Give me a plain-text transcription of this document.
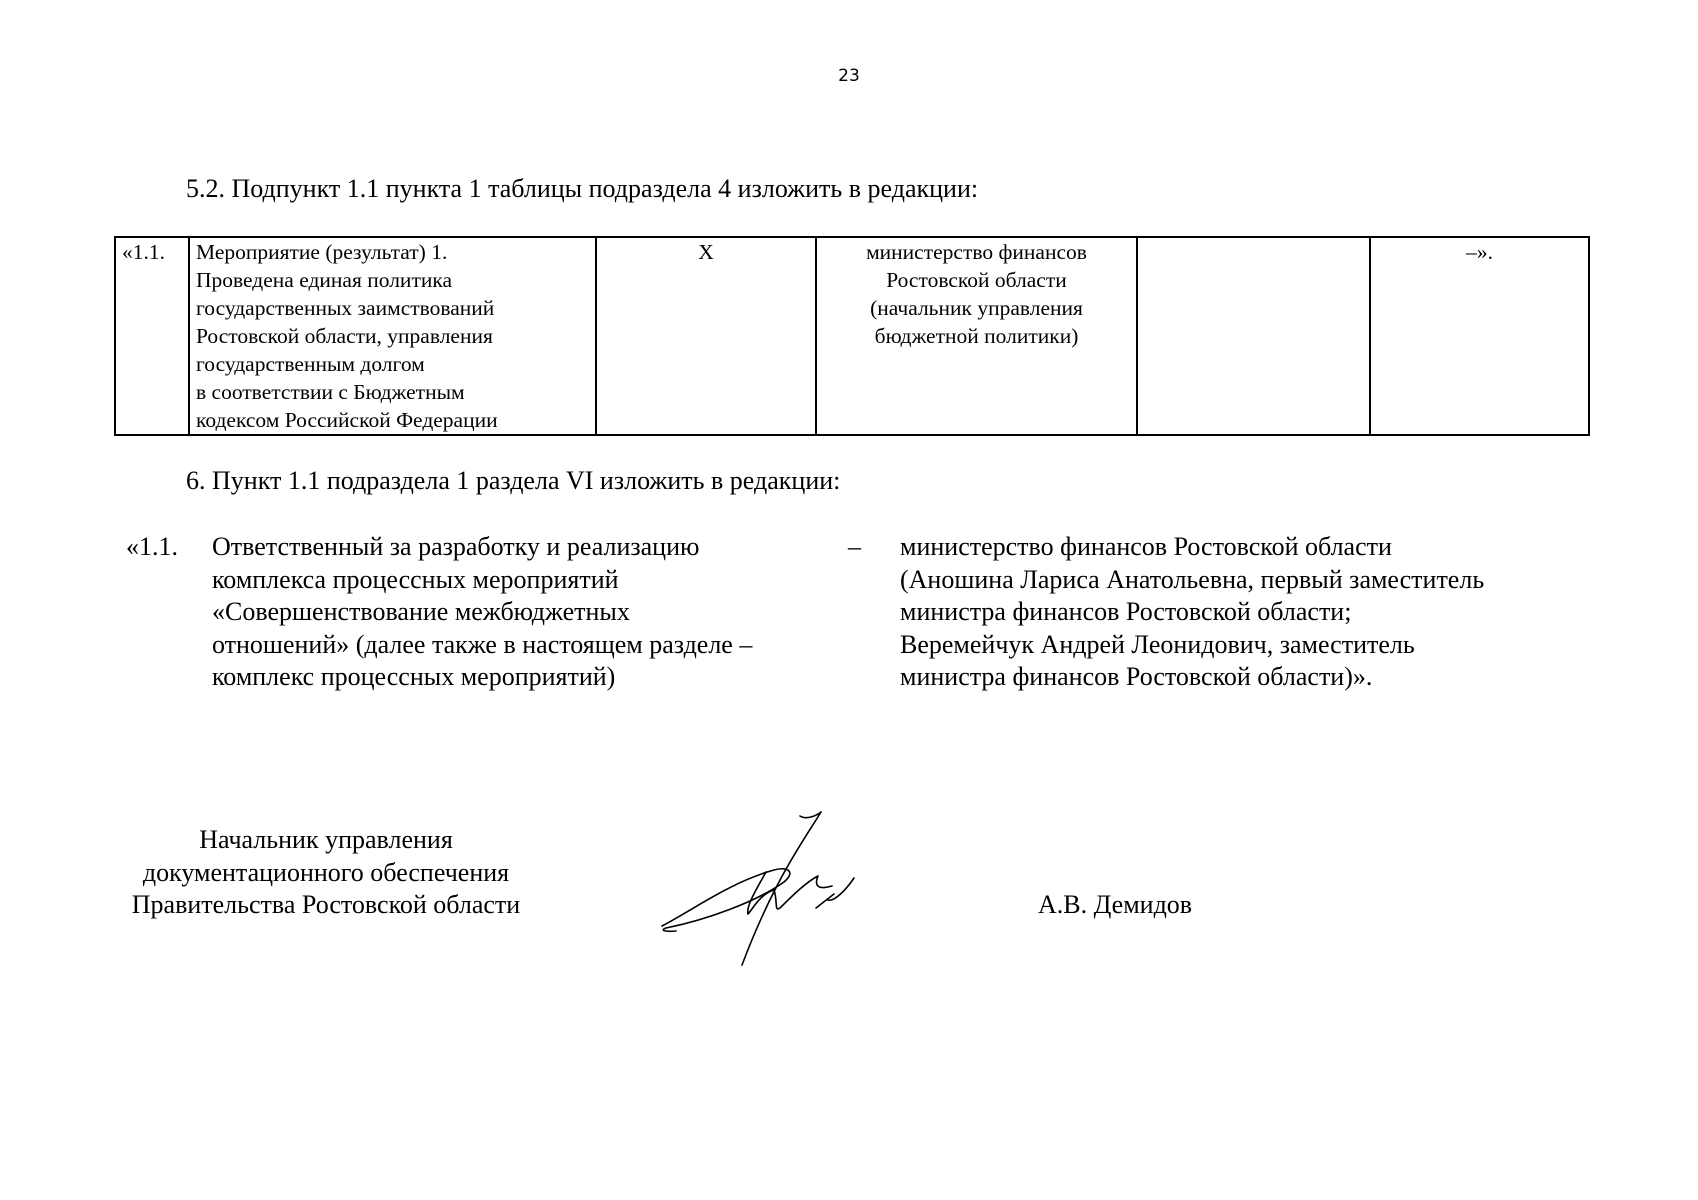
23
5.2. Подпункт 1.1 пункта 1 таблицы подраздела 4 изложить в редакции:
«1.1.	Мероприятие (результат) 1.
Проведена единая политика
государственных заимствований
Ростовской области, управления
государственным долгом
в соответствии с Бюджетным
кодексом Российской Федерации
	Х	министерство финансов
Ростовской области
(начальник управления
бюджетной политики)
		–».
6. Пункт 1.1 подраздела 1 раздела VI изложить в редакции:
«1.1. Ответственный за разработку и реализацию
комплекса процессных мероприятий
«Совершенствование межбюджетных
отношений» (далее также в настоящем разделе –
комплекс процессных мероприятий)
– министерство финансов Ростовской области
(Аношина Лариса Анатольевна, первый заместитель
министра финансов Ростовской области;
Веремейчук Андрей Леонидович, заместитель
министра финансов Ростовской области)».
Начальник управления
документационного обеспечения
Правительства Ростовской области	А.В. Демидов
